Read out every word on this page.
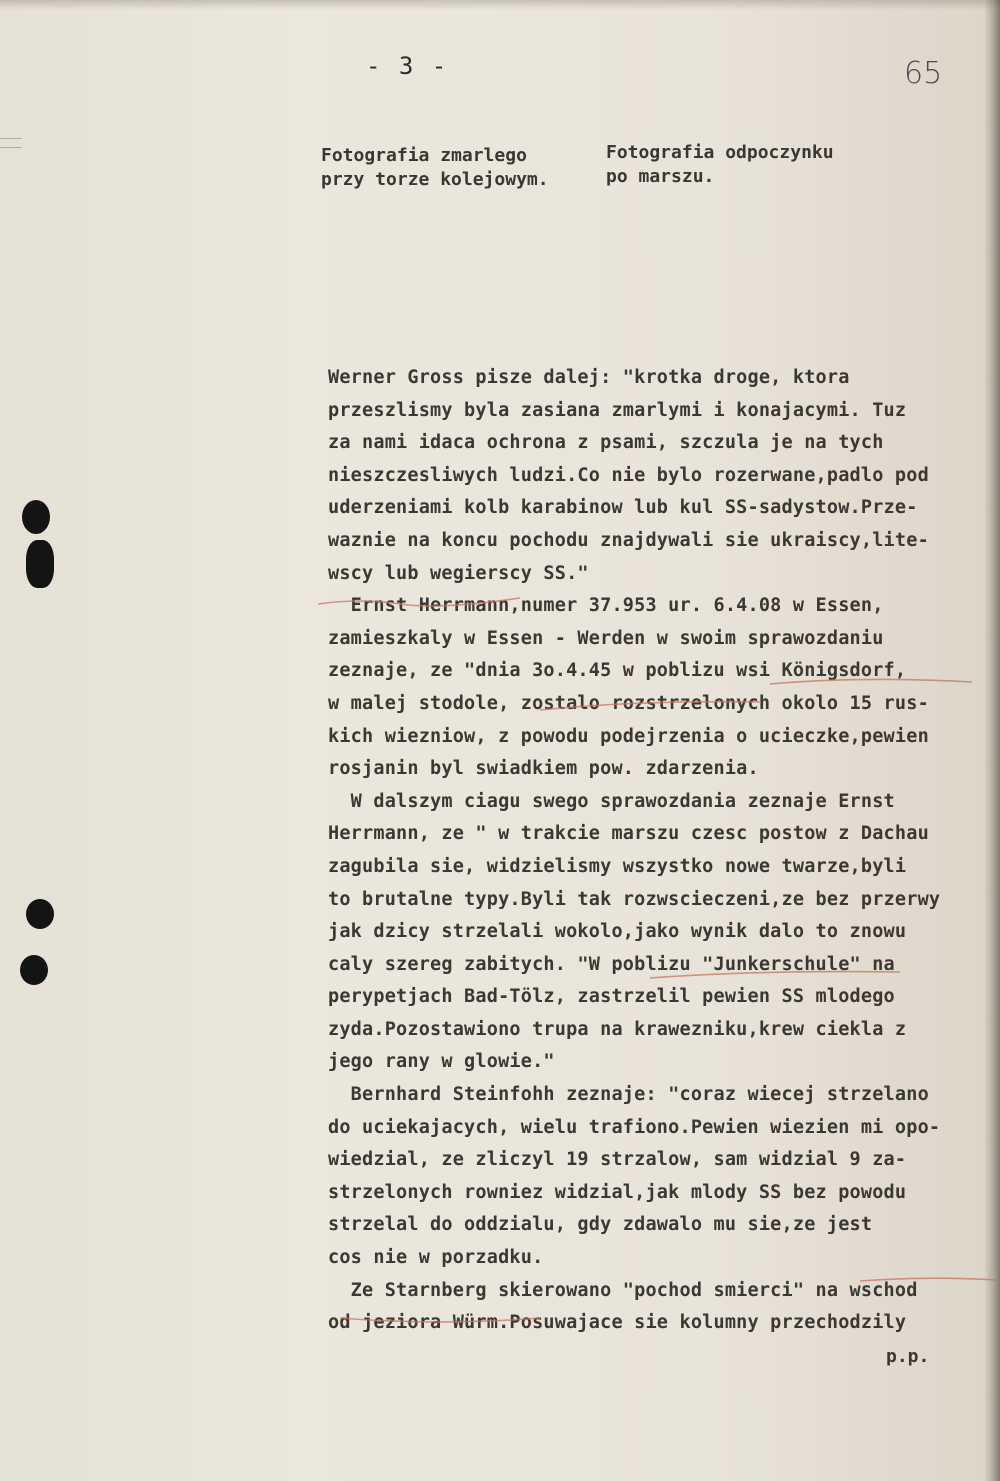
- 3 -	65
Fotografia zmarlego
przy torze kolejowym.
Fotografia odpoczynku
po marszu.
Werner Gross pisze dalej: "krotka droge, ktora
przeszlismy byla zasiana zmarlymi i konajacymi. Tuz
za nami idaca ochrona z psami, szczula je na tych
nieszczesliwych ludzi.Co nie bylo rozerwane,padlo pod
uderzeniami kolb karabinow lub kul SS-sadystow.Prze-
waznie na koncu pochodu znajdywali sie ukraiscy,lite-
wscy lub wegierscy SS."
Ernst Herrmann,numer 37.953 ur. 6.4.08 w Essen,
zamieszkaly w Essen - Werden w swoim sprawozdaniu
zeznaje, ze "dnia 3o.4.45 w poblizu wsi Königsdorf,
w malej stodole, zostalo rozstrzelonych okolo 15 rus-
kich wiezniow, z powodu podejrzenia o ucieczke,pewien
rosjanin byl swiadkiem pow. zdarzenia.
W dalszym ciagu swego sprawozdania zeznaje Ernst
Herrmann, ze " w trakcie marszu czesc postow z Dachau
zagubila sie, widzielismy wszystko nowe twarze,byli
to brutalne typy.Byli tak rozwscieczeni,ze bez przerwy
jak dzicy strzelali wokolo,jako wynik dalo to znowu
caly szereg zabitych. "W poblizu "Junkerschule" na
perypetjach Bad-Tölz, zastrzelil pewien SS mlodego
zyda.Pozostawiono trupa na krawezniku,krew ciekla z
jego rany w glowie."
Bernhard Steinfohh zeznaje: "coraz wiecej strzelano
do uciekajacych, wielu trafiono.Pewien wiezien mi opo-
wiedzial, ze zliczyl 19 strzalow, sam widzial 9 za-
strzelonych rowniez widzial,jak mlody SS bez powodu
strzelal do oddzialu, gdy zdawalo mu sie,ze jest
cos nie w porzadku.
Ze Starnberg skierowano "pochod smierci" na wschod
od jeziora Würm.Posuwajace sie kolumny przechodzily
p.p.
